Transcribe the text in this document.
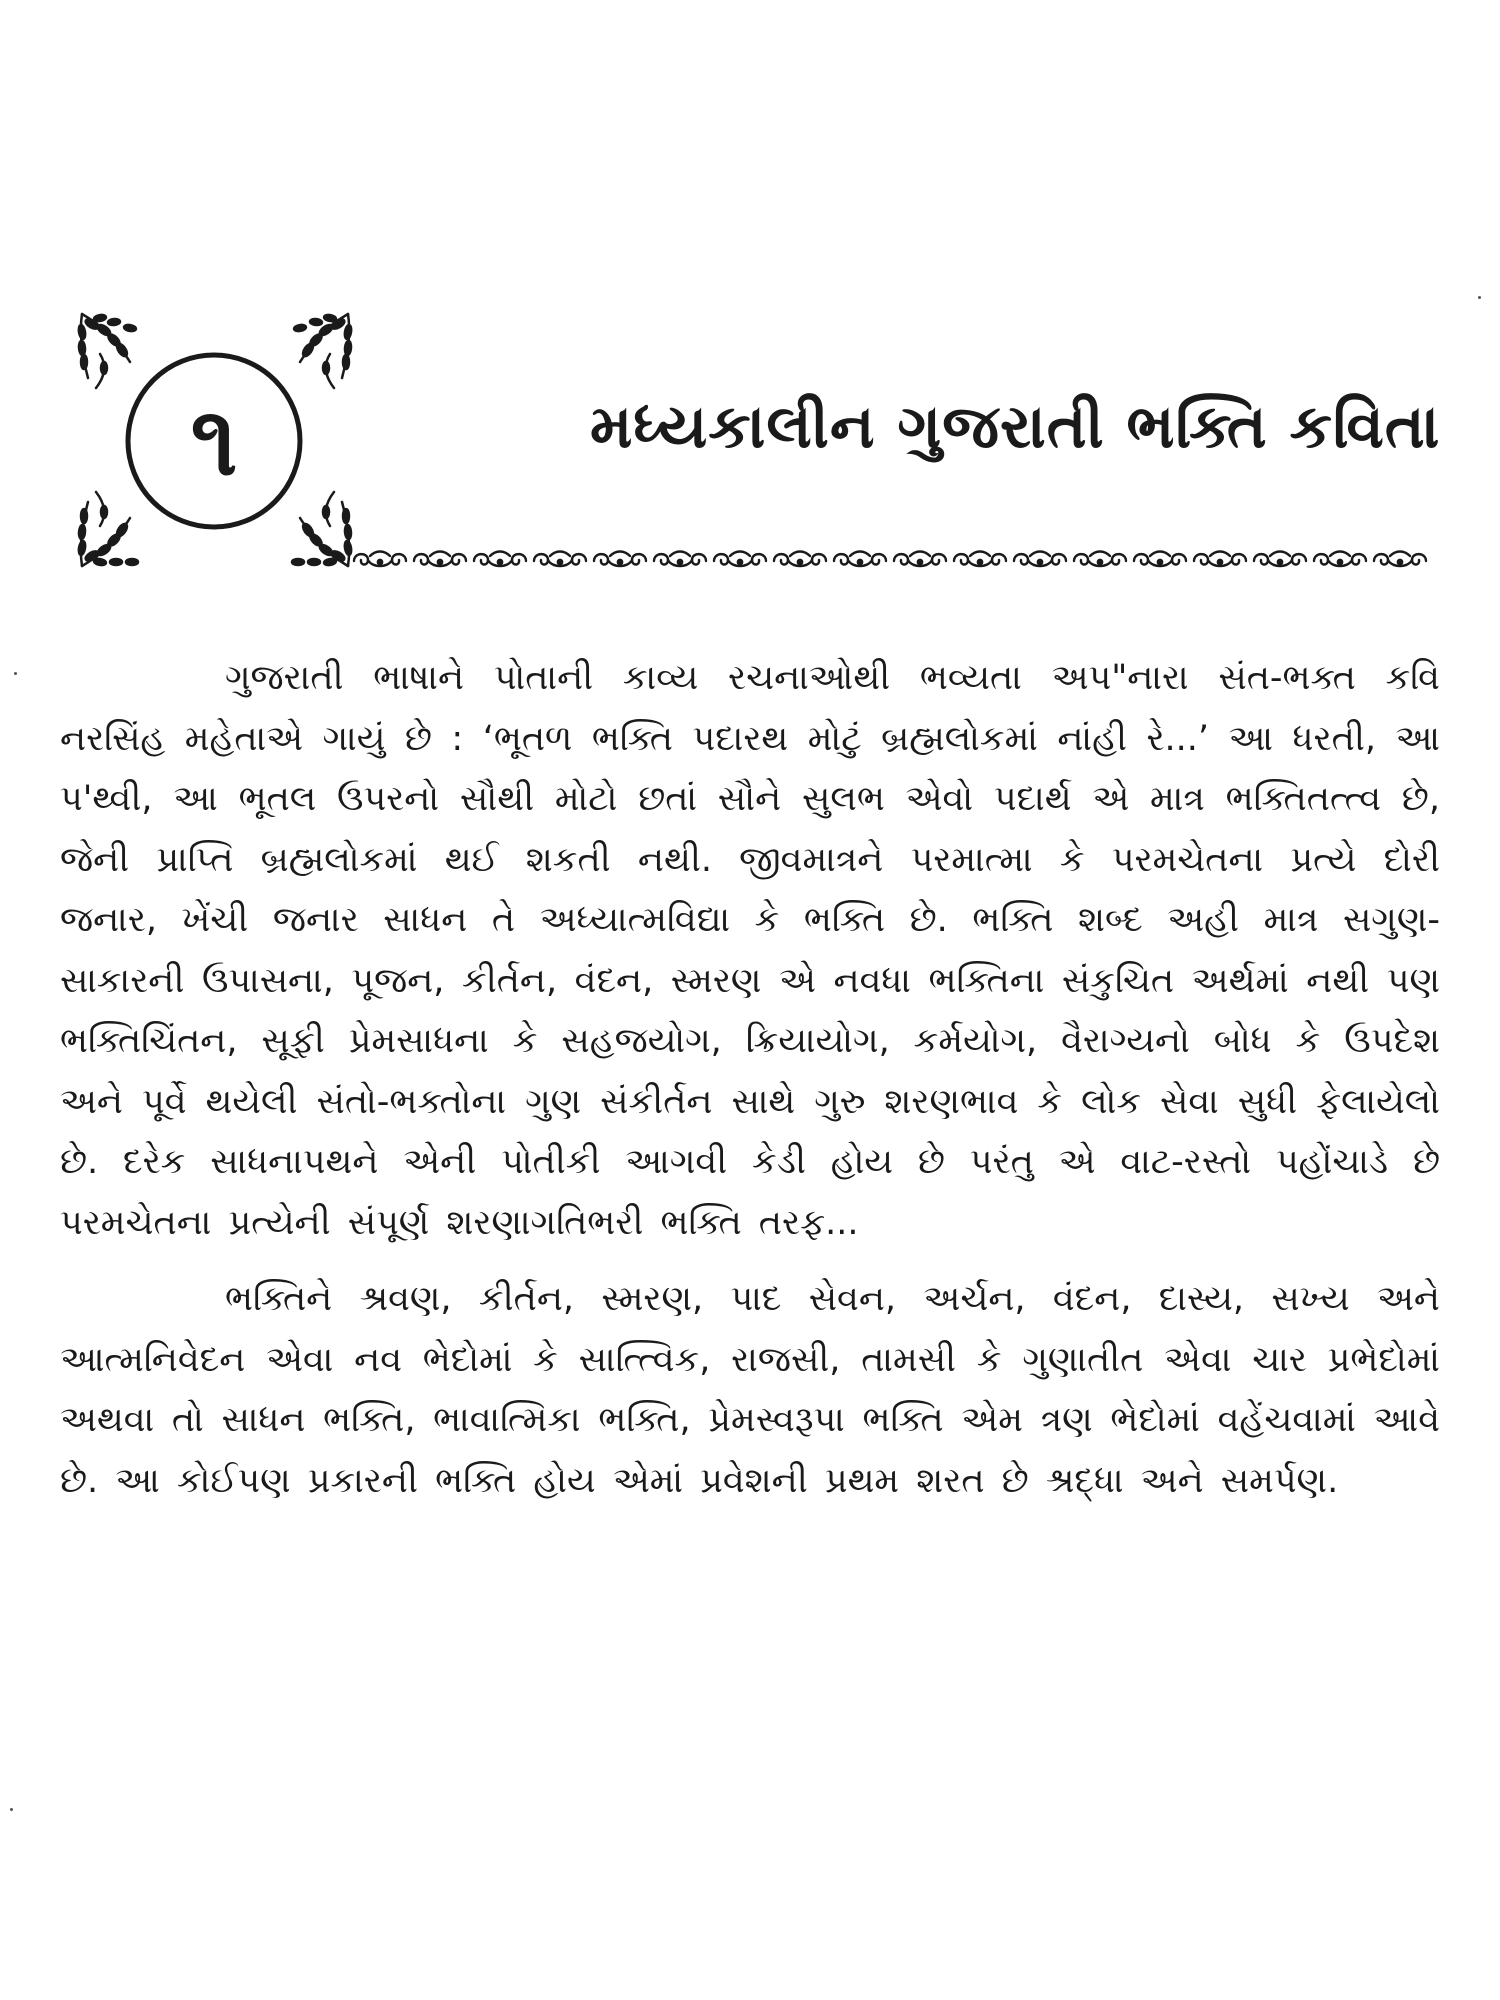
૧	મધ્યકાલીન ગુજરાતી ભક્તિ કવિતા

ગુજરાતી ભાષાને પોતાની કાવ્ય રચનાઓથી ભવ્યતા અપ"નારા સંત-ભક્ત કવિ નરસિંહ મહેતાએ ગાયું છે : ‘ભૂતળ ભક્તિ પદારથ મોટું બ્રહ્મલોકમાં નાંહી રે...’ આ ધરતી, આ પ'થ્વી, આ ભૂતલ ઉપરનો સૌથી મોટો છતાં સૌને સુલભ એવો પદાર્થ એ માત્ર ભક્તિતત્ત્વ છે, જેની પ્રાપ્તિ બ્રહ્મલોકમાં થઈ શકતી નથી. જીવમાત્રને પરમાત્મા કે પરમચેતના પ્રત્યે દોરી જનાર, ખેંચી જનાર સાધન તે અધ્યાત્મવિદ્યા કે ભક્તિ છે. ભક્તિ શબ્દ અહી માત્ર સગુણ-સાકારની ઉપાસના, પૂજન, કીર્તન, વંદન, સ્મરણ એ નવધા ભક્તિના સંકુચિત અર્થમાં નથી પણ ભક્તિચિંતન, સૂફી પ્રેમસાધના કે સહજયોગ, ક્રિયાયોગ, કર્મયોગ, વૈરાગ્યનો બોધ કે ઉપદેશ અને પૂર્વે થયેલી સંતો-ભક્તોના ગુણ સંકીર્તન સાથે ગુરુ શરણભાવ કે લોક સેવા સુધી ફેલાયેલો છે. દરેક સાધનાપથને એની પોતીકી આગવી કેડી હોય છે પરંતુ એ વાટ-રસ્તો પહોંચાડે છે પરમચેતના પ્રત્યેની સંપૂર્ણ શરણાગતિભરી ભક્તિ તરફ...

ભક્તિને શ્રવણ, કીર્તન, સ્મરણ, પાદ સેવન, અર્ચન, વંદન, દાસ્ય, સખ્ય અને આત્મનિવેદન એવા નવ ભેદોમાં કે સાત્ત્વિક, રાજસી, તામસી કે ગુણાતીત એવા ચાર પ્રભેદોમાં અથવા તો સાધન ભક્તિ, ભાવાત્મિકા ભક્તિ, પ્રેમસ્વરૂપા ભક્તિ એમ ત્રણ ભેદોમાં વહેંચવામાં આવે છે. આ કોઈપણ પ્રકારની ભક્તિ હોય એમાં પ્રવેશની પ્રથમ શરત છે શ્રદ્ધા અને સમર્પણ.
